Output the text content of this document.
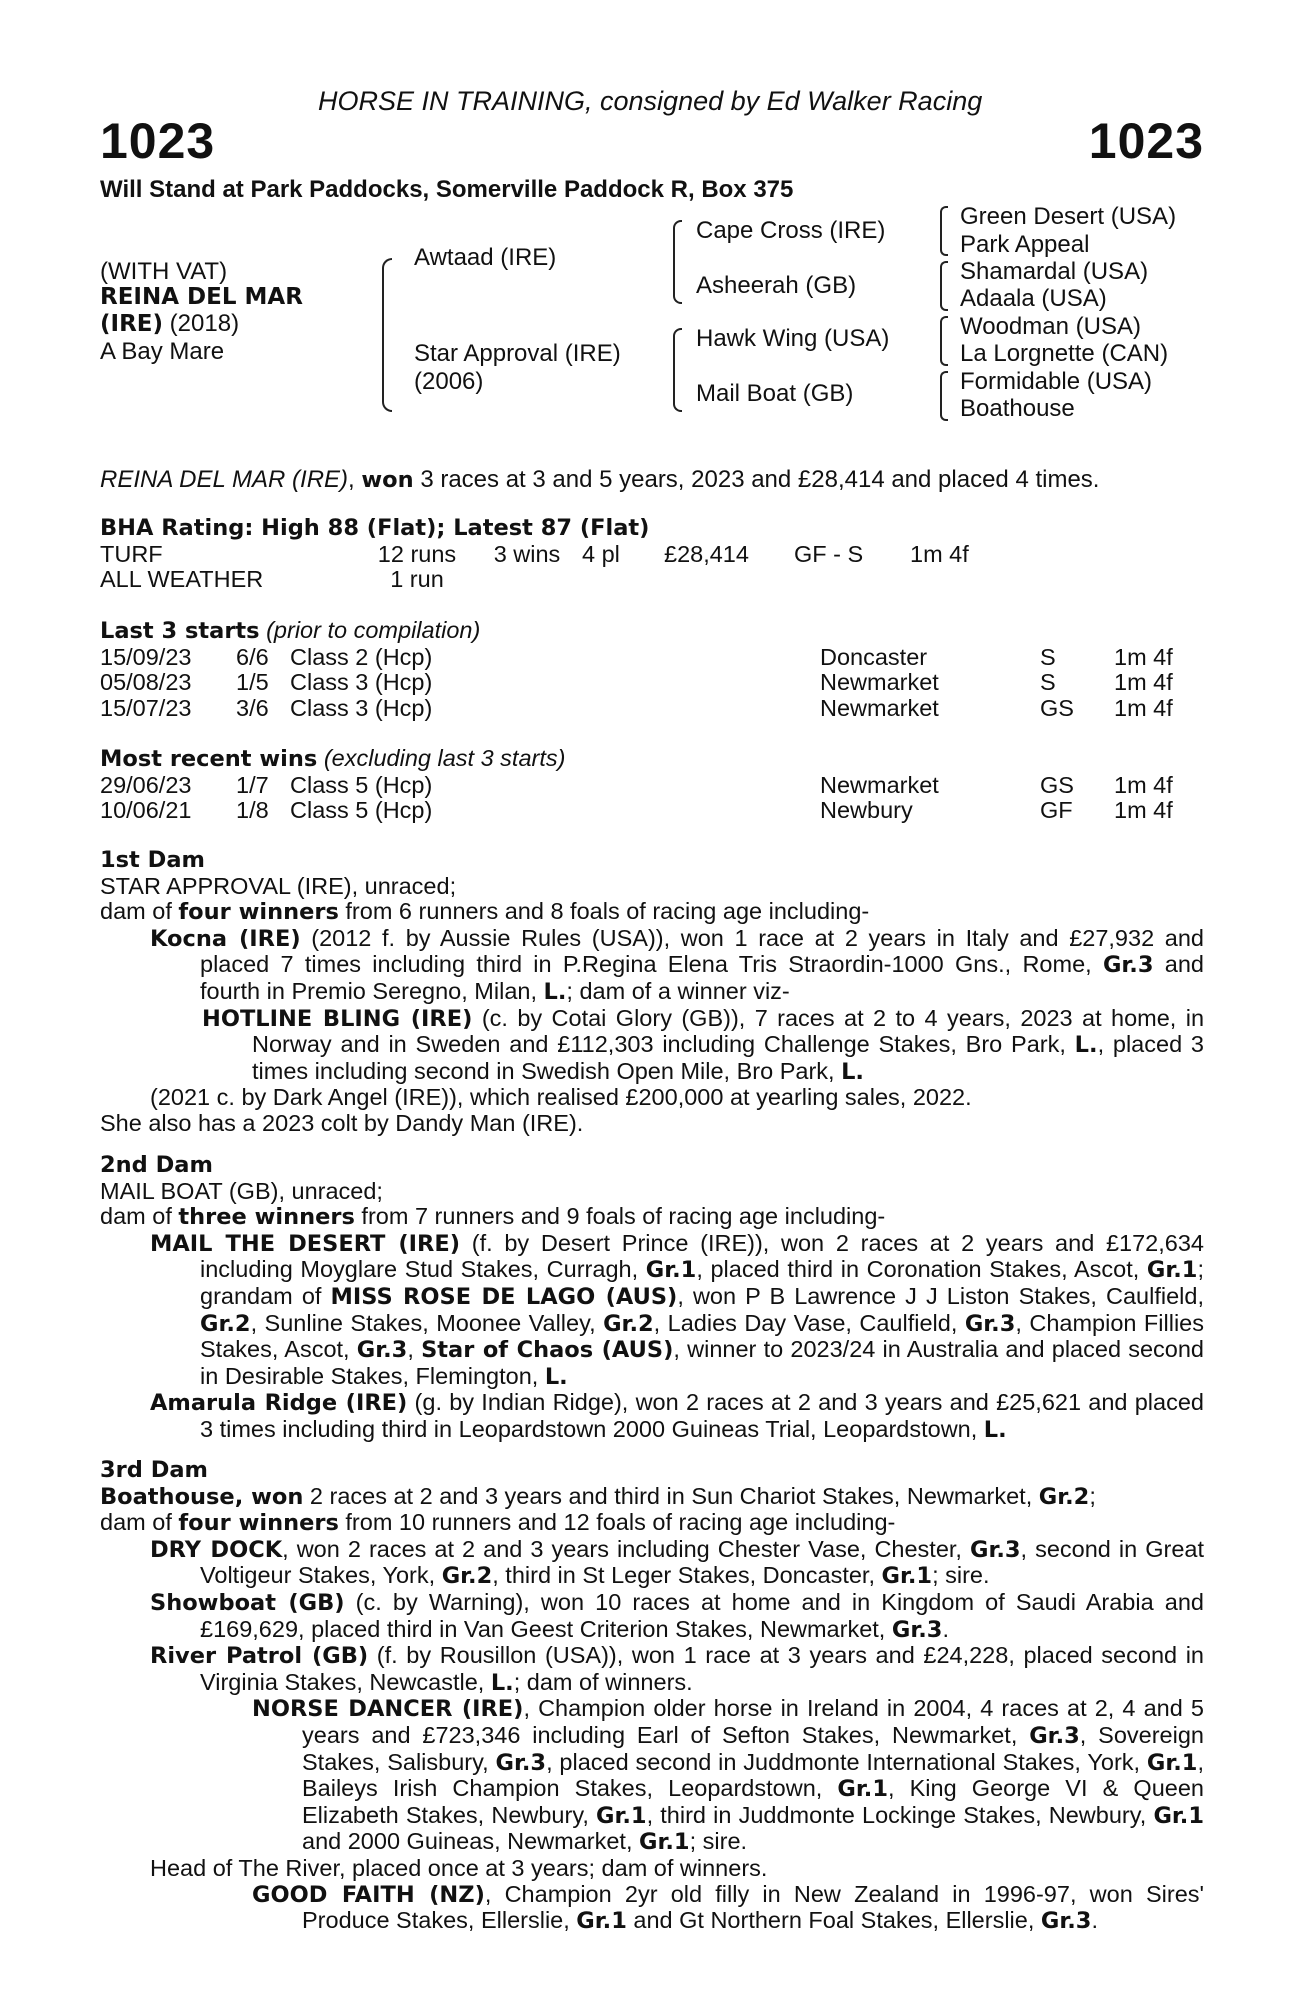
HORSE IN TRAINING, consigned by Ed Walker Racing
1023	1023
Will Stand at Park Paddocks, Somerville Paddock R, Box 375
(WITH VAT)
REINA DEL MAR
(IRE) (2018)
A Bay Mare
Awtaad (IRE)
Star Approval (IRE)
(2006)
Cape Cross (IRE)
Asheerah (GB)
Hawk Wing (USA)
Mail Boat (GB)
Green Desert (USA)
Park Appeal
Shamardal (USA)
Adaala (USA)
Woodman (USA)
La Lorgnette (CAN)
Formidable (USA)
Boathouse
REINA DEL MAR (IRE), won 3 races at 3 and 5 years, 2023 and £28,414 and placed 4 times.
BHA Rating: High 88 (Flat); Latest 87 (Flat)
TURF	12 runs	3 wins 4 pl	£28,414	GF - S	1m 4f
ALL WEATHER	1 run
Last 3 starts (prior to compilation)
15/09/23	6/6 Class 2 (Hcp)	Doncaster	S	1m 4f
05/08/23	1/5 Class 3 (Hcp)	Newmarket	S	1m 4f
15/07/23	3/6 Class 3 (Hcp)	Newmarket	GS	1m 4f
Most recent wins (excluding last 3 starts)
29/06/23	1/7 Class 5 (Hcp)	Newmarket	GS	1m 4f
10/06/21	1/8 Class 5 (Hcp)	Newbury	GF	1m 4f
1st Dam
STAR APPROVAL (IRE), unraced;
dam of four winners from 6 runners and 8 foals of racing age including-
Kocna (IRE) (2012 f. by Aussie Rules (USA)), won 1 race at 2 years in Italy and £27,932 and placed 7 times including third in P.Regina Elena Tris Straordin-1000 Gns., Rome, Gr.3 and fourth in Premio Seregno, Milan, L.; dam of a winner viz-
HOTLINE BLING (IRE) (c. by Cotai Glory (GB)), 7 races at 2 to 4 years, 2023 at home, in Norway and in Sweden and £112,303 including Challenge Stakes, Bro Park, L., placed 3 times including second in Swedish Open Mile, Bro Park, L.
(2021 c. by Dark Angel (IRE)), which realised £200,000 at yearling sales, 2022.
She also has a 2023 colt by Dandy Man (IRE).
2nd Dam
MAIL BOAT (GB), unraced;
dam of three winners from 7 runners and 9 foals of racing age including-
MAIL THE DESERT (IRE) (f. by Desert Prince (IRE)), won 2 races at 2 years and £172,634 including Moyglare Stud Stakes, Curragh, Gr.1, placed third in Coronation Stakes, Ascot, Gr.1; grandam of MISS ROSE DE LAGO (AUS), won P B Lawrence J J Liston Stakes, Caulfield, Gr.2, Sunline Stakes, Moonee Valley, Gr.2, Ladies Day Vase, Caulfield, Gr.3, Champion Fillies Stakes, Ascot, Gr.3, Star of Chaos (AUS), winner to 2023/24 in Australia and placed second in Desirable Stakes, Flemington, L.
Amarula Ridge (IRE) (g. by Indian Ridge), won 2 races at 2 and 3 years and £25,621 and placed 3 times including third in Leopardstown 2000 Guineas Trial, Leopardstown, L.
3rd Dam
Boathouse, won 2 races at 2 and 3 years and third in Sun Chariot Stakes, Newmarket, Gr.2;
dam of four winners from 10 runners and 12 foals of racing age including-
DRY DOCK, won 2 races at 2 and 3 years including Chester Vase, Chester, Gr.3, second in Great Voltigeur Stakes, York, Gr.2, third in St Leger Stakes, Doncaster, Gr.1; sire.
Showboat (GB) (c. by Warning), won 10 races at home and in Kingdom of Saudi Arabia and £169,629, placed third in Van Geest Criterion Stakes, Newmarket, Gr.3.
River Patrol (GB) (f. by Rousillon (USA)), won 1 race at 3 years and £24,228, placed second in Virginia Stakes, Newcastle, L.; dam of winners.
NORSE DANCER (IRE), Champion older horse in Ireland in 2004, 4 races at 2, 4 and 5 years and £723,346 including Earl of Sefton Stakes, Newmarket, Gr.3, Sovereign Stakes, Salisbury, Gr.3, placed second in Juddmonte International Stakes, York, Gr.1, Baileys Irish Champion Stakes, Leopardstown, Gr.1, King George VI & Queen Elizabeth Stakes, Newbury, Gr.1, third in Juddmonte Lockinge Stakes, Newbury, Gr.1 and 2000 Guineas, Newmarket, Gr.1; sire.
Head of The River, placed once at 3 years; dam of winners.
GOOD FAITH (NZ), Champion 2yr old filly in New Zealand in 1996-97, won Sires' Produce Stakes, Ellerslie, Gr.1 and Gt Northern Foal Stakes, Ellerslie, Gr.3.
